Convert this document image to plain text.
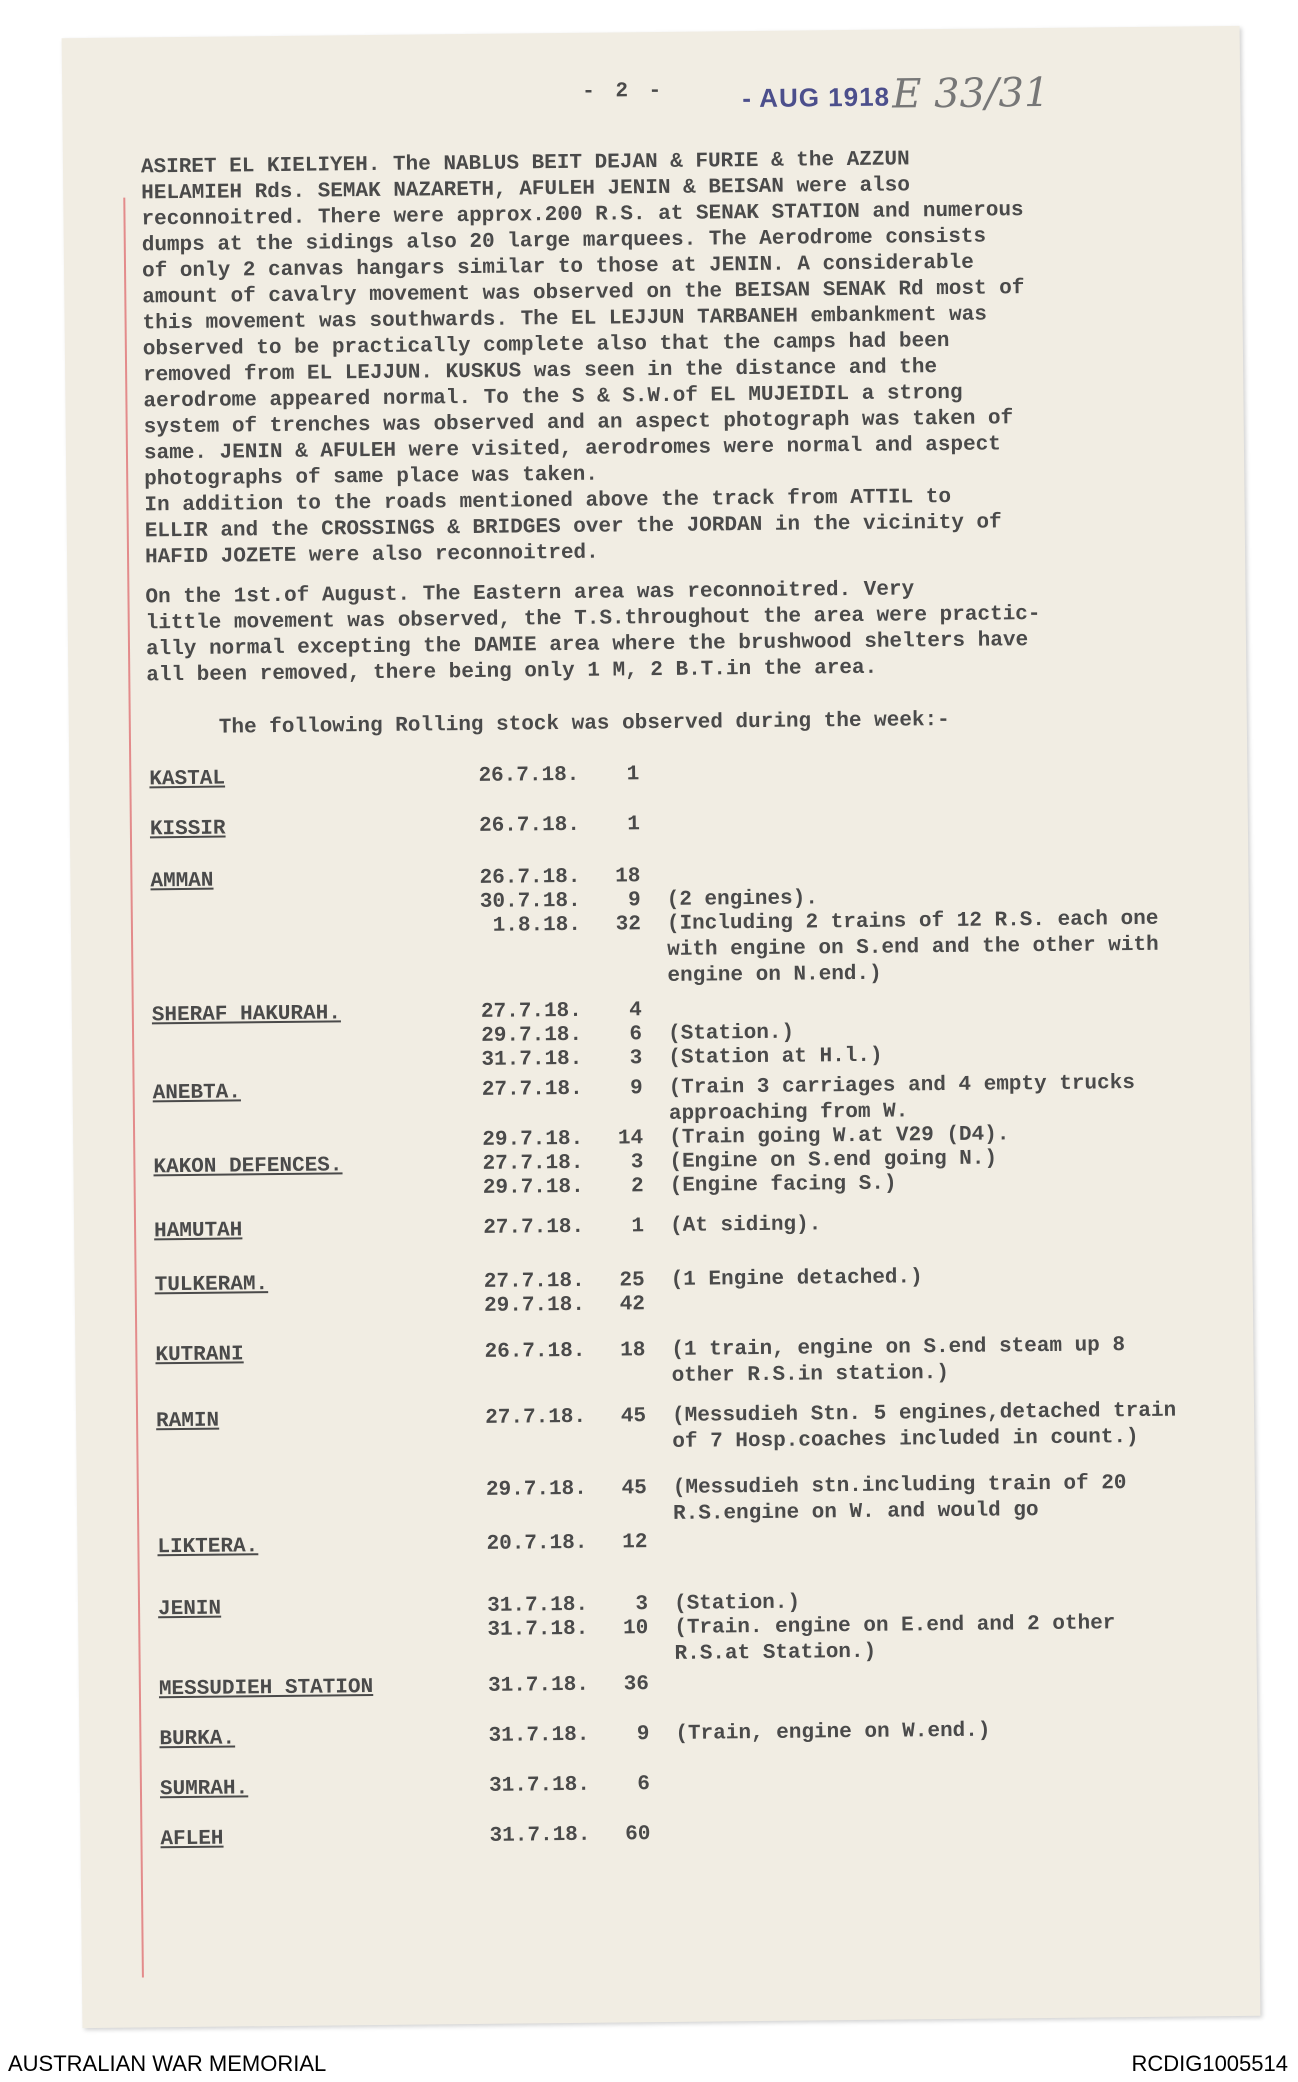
- 2 -	- AUG 1918 E 33/31
ASIRET EL KIELIYEH. The NABLUS BEIT DEJAN & FURIE & the AZZUN
HELAMIEH Rds. SEMAK NAZARETH, AFULEH JENIN & BEISAN were also
reconnoitred. There were approx.200 R.S. at SENAK STATION and numerous
dumps at the sidings also 20 large marquees. The Aerodrome consists
of only 2 canvas hangars similar to those at JENIN. A considerable
amount of cavalry movement was observed on the BEISAN SENAK Rd most of
this movement was southwards. The EL LEJJUN TARBANEH embankment was
observed to be practically complete also that the camps had been
removed from EL LEJJUN. KUSKUS was seen in the distance and the
aerodrome appeared normal. To the S & S.W.of EL MUJEIDIL a strong
system of trenches was observed and an aspect photograph was taken of
same. JENIN & AFULEH were visited, aerodromes were normal and aspect
photographs of same place was taken.
In addition to the roads mentioned above the track from ATTIL to
ELLIR and the CROSSINGS & BRIDGES over the JORDAN in the vicinity of
HAFID JOZETE were also reconnoitred.
On the 1st.of August. The Eastern area was reconnoitred. Very
little movement was observed, the T.S.throughout the area were practic-
ally normal excepting the DAMIE area where the brushwood shelters have
all been removed, there being only 1 M, 2 B.T.in the area.
The following Rolling stock was observed during the week:-
KASTAL	26.7.18.	1
KISSIR	26.7.18.	1
AMMAN	26.7.18.	18
30.7.18.	9 (2 engines).
1.8.18.	32 (Including 2 trains of 12 R.S. each one with engine on S.end and the other with engine on N.end.)
SHERAF HAKURAH.	27.7.18.	4
29.7.18.	6 (Station.)
31.7.18.	3 (Station at H.l.)
ANEBTA.	27.7.18.	9 (Train 3 carriages and 4 empty trucks approaching from W.
29.7.18.	14 (Train going W.at V29 (D4).
KAKON DEFENCES.	27.7.18.	3 (Engine on S.end going N.)
29.7.18.	2 (Engine facing S.)
HAMUTAH	27.7.18.	1 (At siding).
TULKERAM.	27.7.18.	25 (1 Engine detached.)
29.7.18.	42
KUTRANI	26.7.18.	18 (1 train, engine on S.end steam up 8 other R.S.in station.)
RAMIN	27.7.18.	45 (Messudieh Stn. 5 engines,detached train of 7 Hosp.coaches included in count.)
29.7.18.	45 (Messudieh stn.including train of 20 R.S.engine on W. and would go
LIKTERA.	20.7.18.	12
JENIN	31.7.18.	3 (Station.)
31.7.18.	10 (Train. engine on E.end and 2 other R.S.at Station.)
MESSUDIEH STATION	31.7.18.	36
BURKA.	31.7.18.	9 (Train, engine on W.end.)
SUMRAH.	31.7.18.	6
AFLEH	31.7.18.	60
AUSTRALIAN WAR MEMORIAL	RCDIG1005514
